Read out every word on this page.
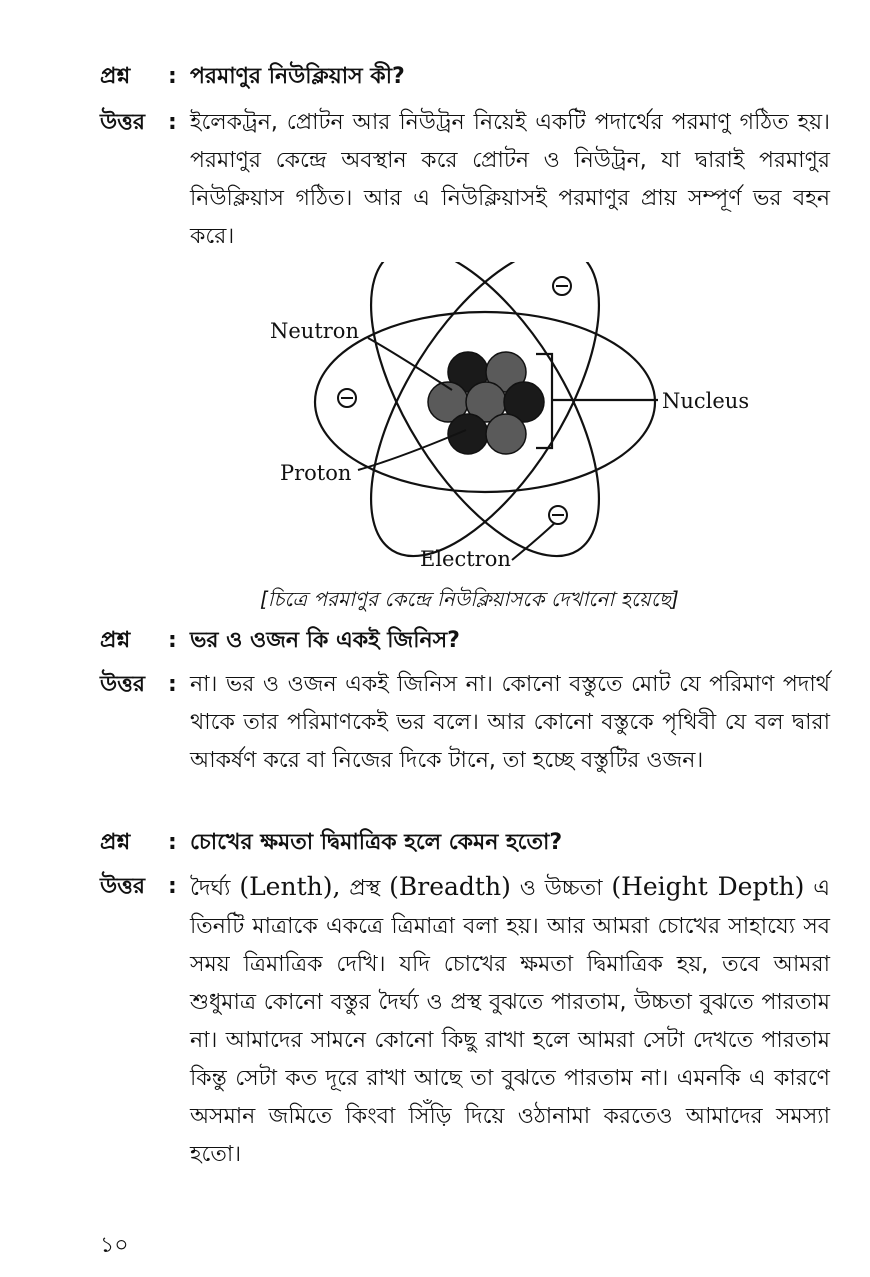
প্রশ্ন	: পরমাণুর নিউক্লিয়াস কী?
উত্তর	: ইলেকট্রন, প্রোটন আর নিউট্রন নিয়েই একটি পদার্থের পরমাণু গঠিত হয়। পরমাণুর কেন্দ্রে অবস্থান করে প্রোটন ও নিউট্রন, যা দ্বারাই পরমাণুর নিউক্লিয়াস গঠিত। আর এ নিউক্লিয়াসই পরমাণুর প্রায় সম্পূর্ণ ভর বহন করে।
Neutron
Proton
Nucleus
Electron
[চিত্রে পরমাণুর কেন্দ্রে নিউক্লিয়াসকে দেখানো হয়েছে]
প্রশ্ন	: ভর ও ওজন কি একই জিনিস?
উত্তর	: না। ভর ও ওজন একই জিনিস না। কোনো বস্তুতে মোট যে পরিমাণ পদার্থ থাকে তার পরিমাণকেই ভর বলে। আর কোনো বস্তুকে পৃথিবী যে বল দ্বারা আকর্ষণ করে বা নিজের দিকে টানে, তা হচ্ছে বস্তুটির ওজন।
প্রশ্ন	: চোখের ক্ষমতা দ্বিমাত্রিক হলে কেমন হতো?
উত্তর	: দৈর্ঘ্য (Lenth), প্রস্থ (Breadth) ও উচ্চতা (Height Depth) এ তিনটি মাত্রাকে একত্রে ত্রিমাত্রা বলা হয়। আর আমরা চোখের সাহায্যে সব সময় ত্রিমাত্রিক দেখি। যদি চোখের ক্ষমতা দ্বিমাত্রিক হয়, তবে আমরা শুধুমাত্র কোনো বস্তুর দৈর্ঘ্য ও প্রস্থ বুঝতে পারতাম, উচ্চতা বুঝতে পারতাম না। আমাদের সামনে কোনো কিছু রাখা হলে আমরা সেটা দেখতে পারতাম কিন্তু সেটা কত দূরে রাখা আছে তা বুঝতে পারতাম না। এমনকি এ কারণে অসমান জমিতে কিংবা সিঁড়ি দিয়ে ওঠানামা করতেও আমাদের সমস্যা হতো।
১০
